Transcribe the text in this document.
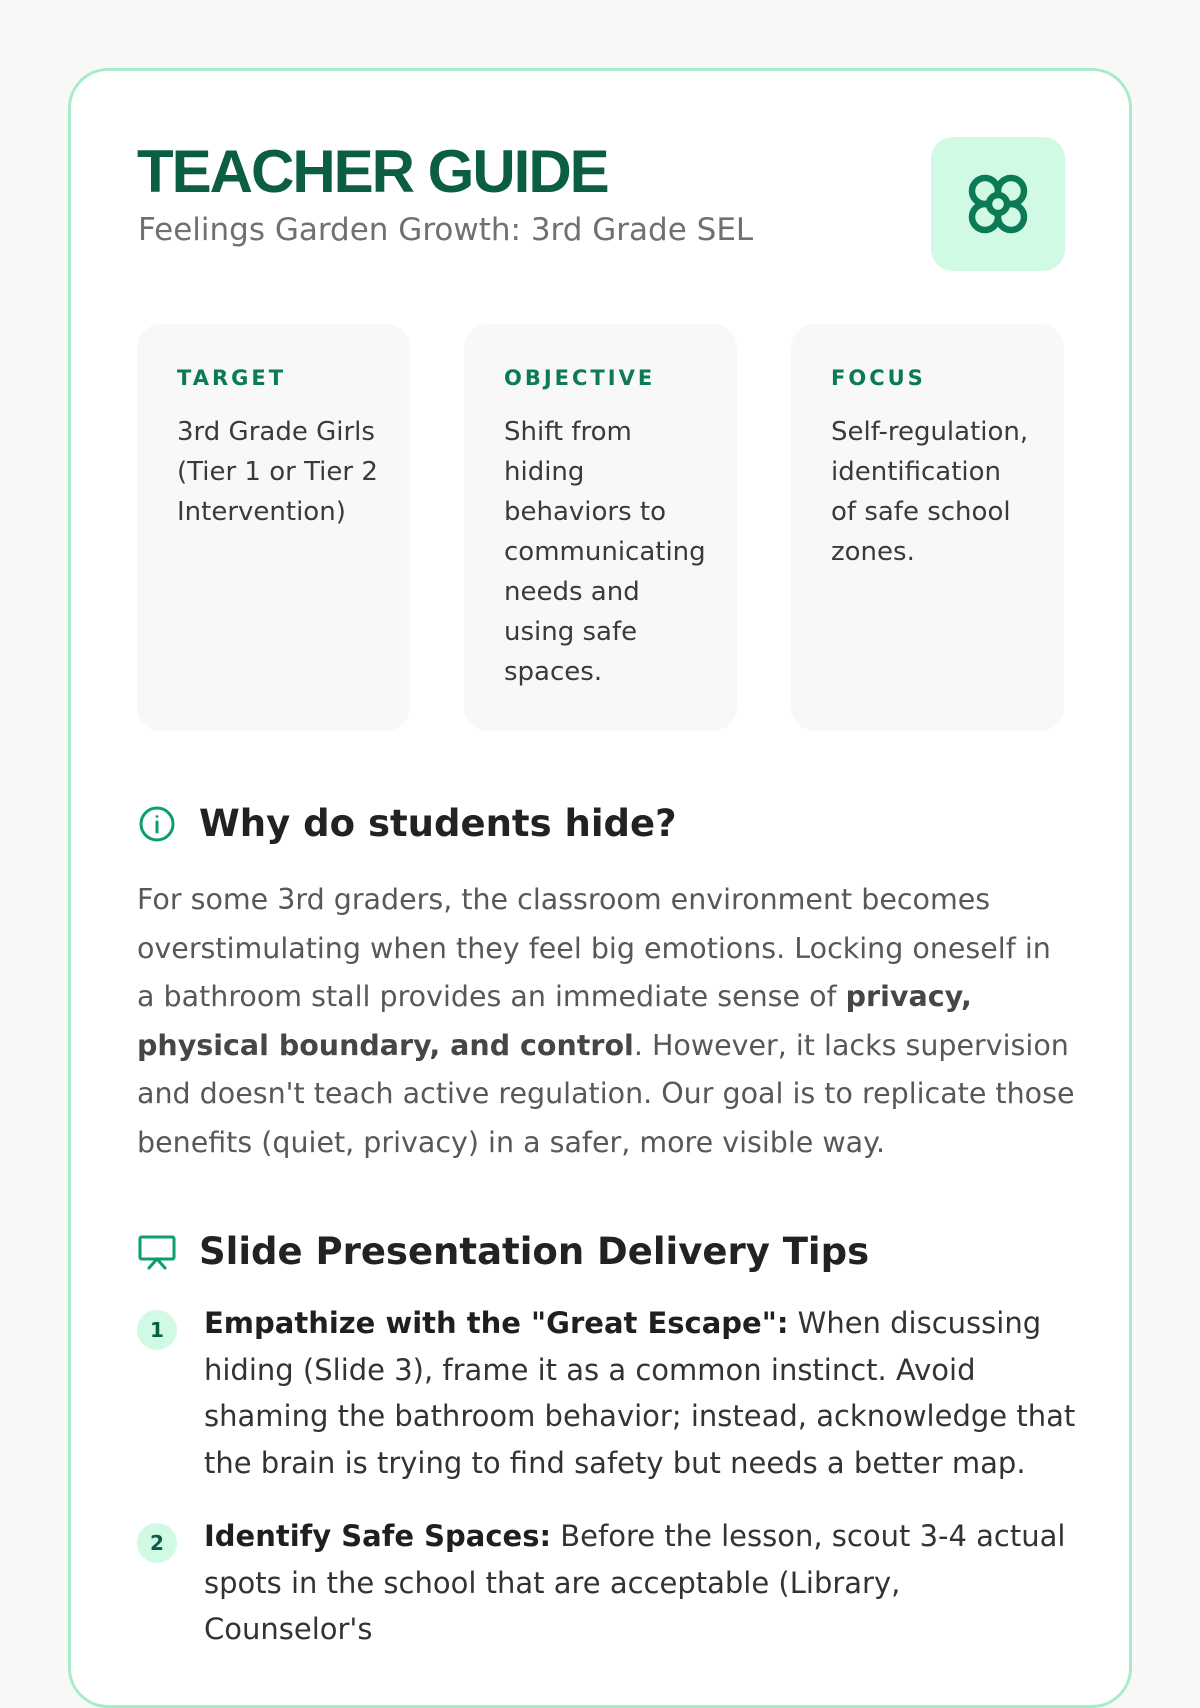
TEACHER GUIDE
Feelings Garden Growth: 3rd Grade SEL
TARGET
3rd Grade Girls (Tier 1 or Tier 2 Intervention)
OBJECTIVE
Shift from hiding behaviors to communicating needs and using safe spaces.
FOCUS
Self-regulation, identification of safe school zones.
Why do students hide?

For some 3rd graders, the classroom environment becomes overstimulating when they feel big emotions. Locking oneself in a bathroom stall provides an immediate sense of privacy, physical boundary, and control. However, it lacks supervision and doesn't teach active regulation. Our goal is to replicate those benefits (quiet, privacy) in a safer, more visible way.

Slide Presentation Delivery Tips
1	Empathize with the "Great Escape": When discussing hiding (Slide 3), frame it as a common instinct. Avoid shaming the bathroom behavior; instead, acknowledge that the brain is trying to find safety but needs a better map.
2	Identify Safe Spaces: Before the lesson, scout 3-4 actual spots in the school that are acceptable (Library, Counselor's
